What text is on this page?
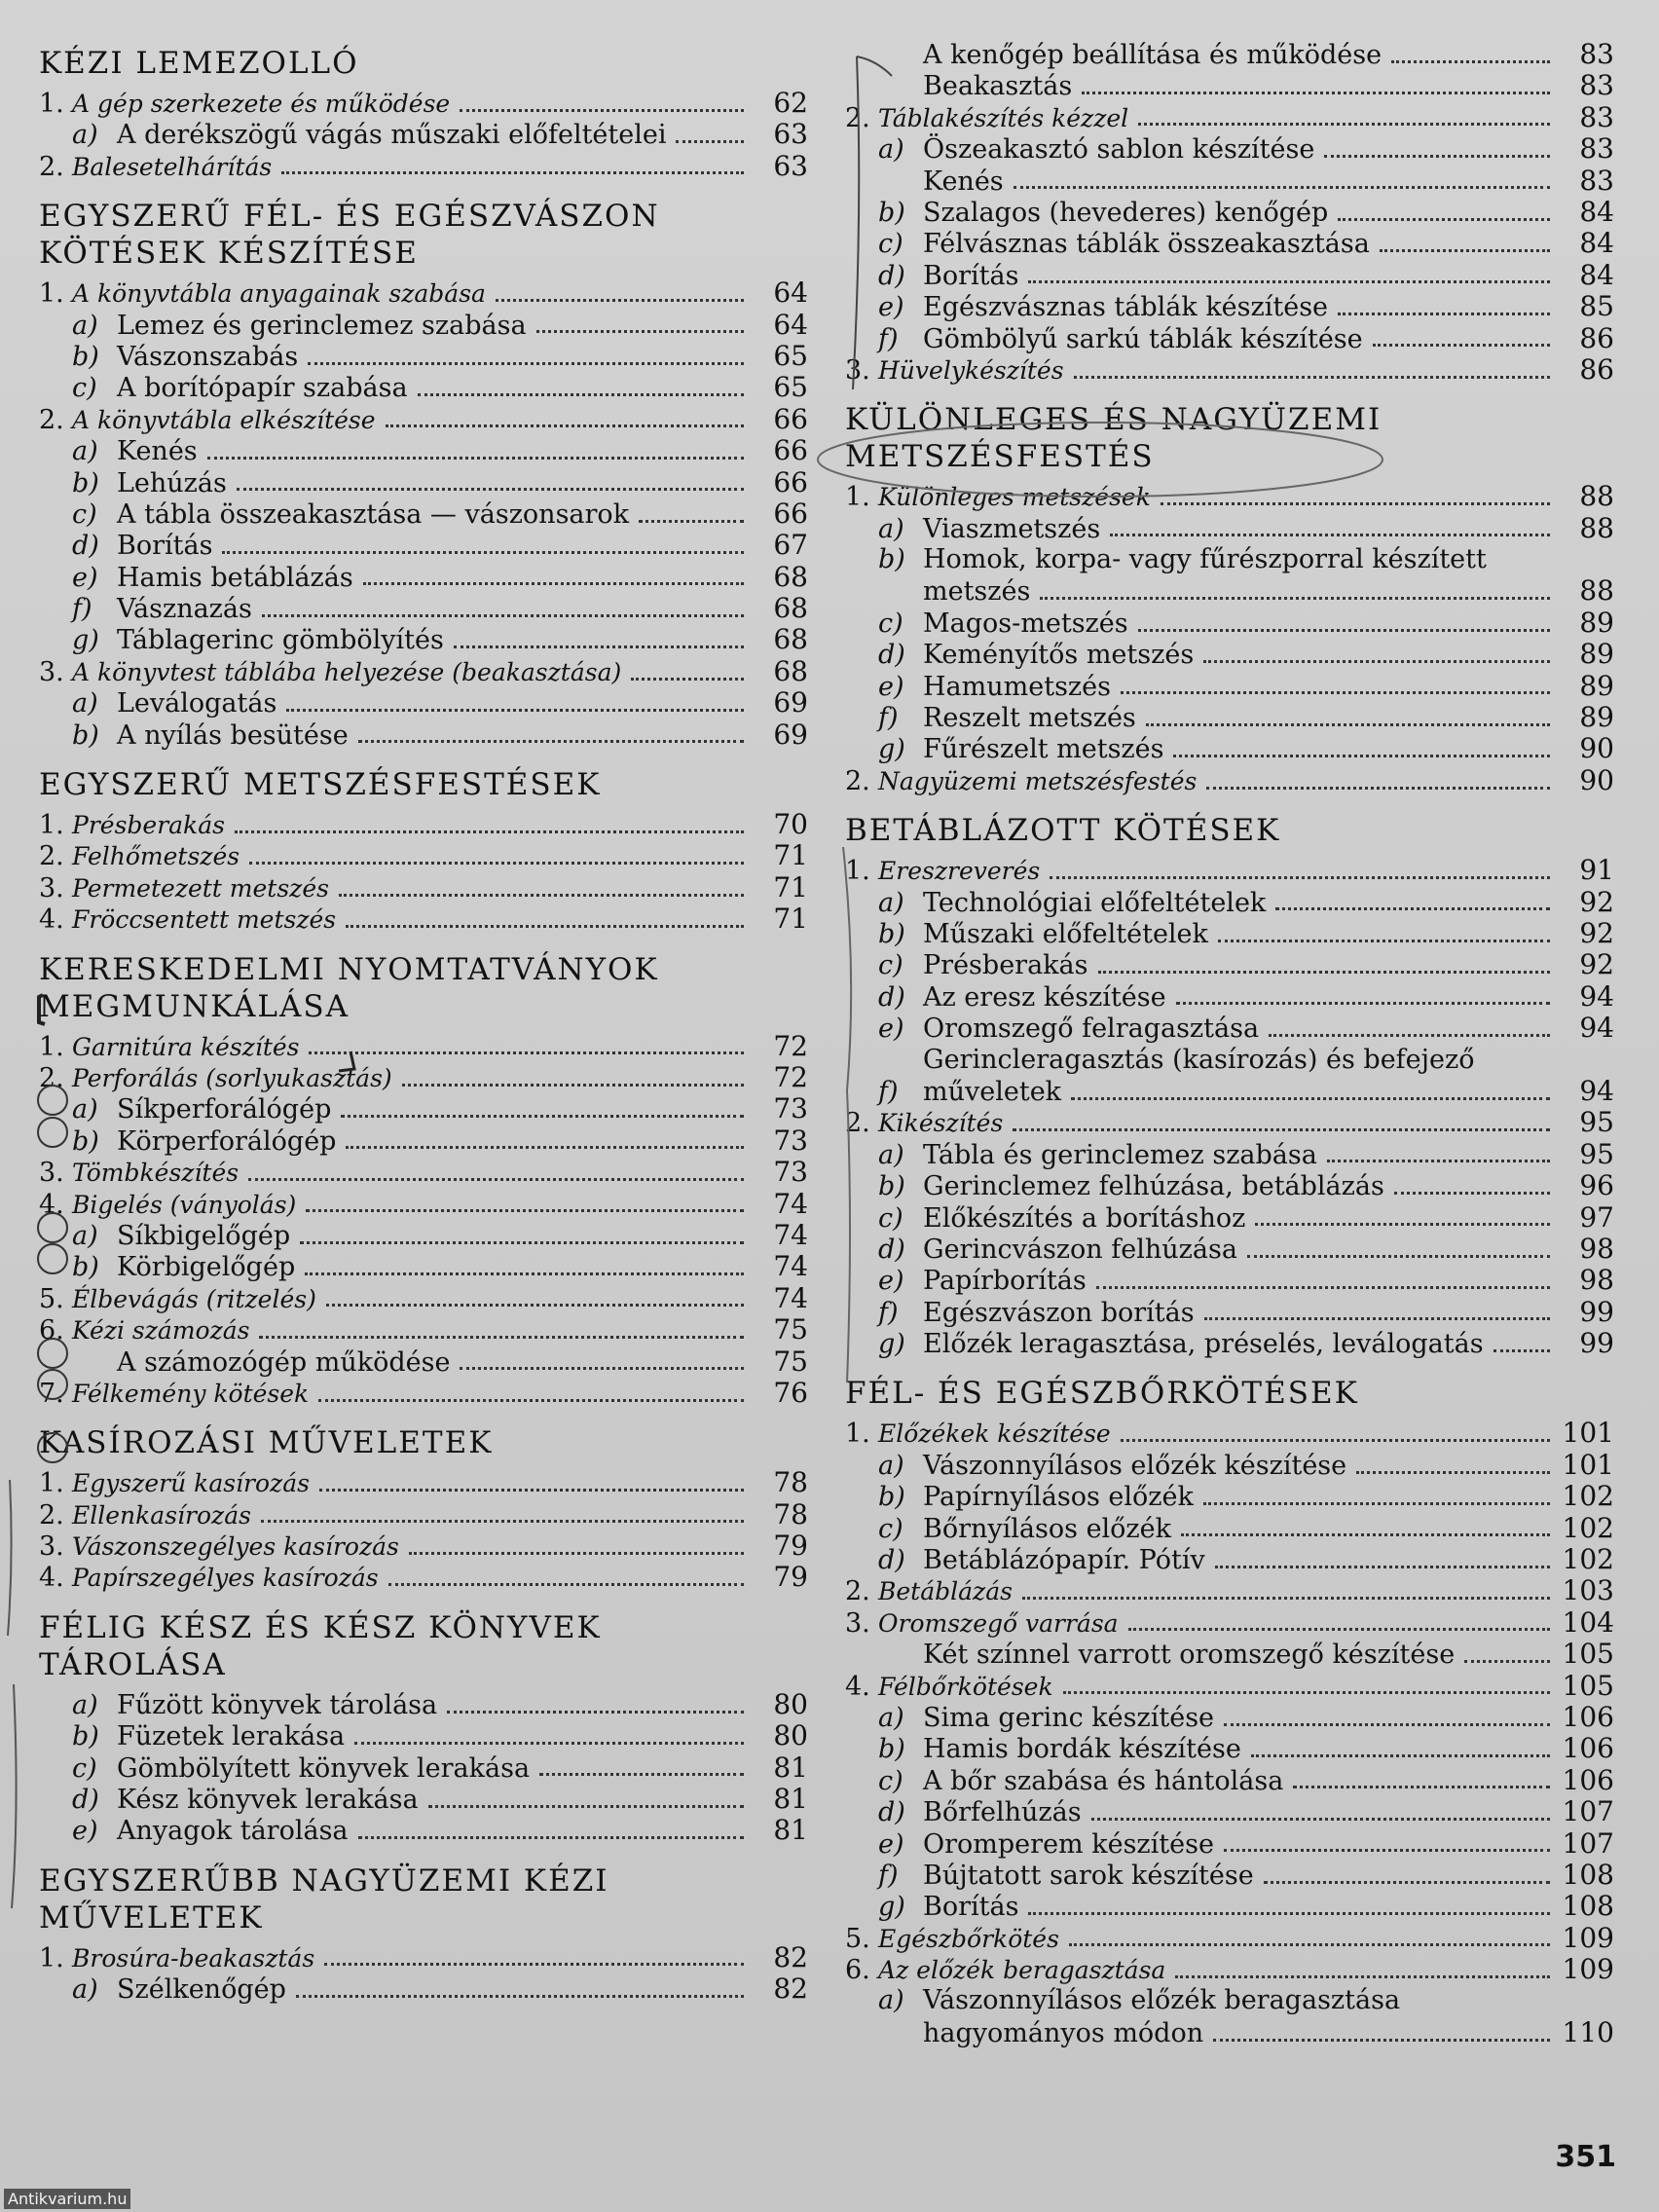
KÉZI LEMEZOLLÓ
1. A gép szerkezete és működése	62
a) A derékszögű vágás műszaki előfeltételei	63
2. Balesetelhárítás	63
EGYSZERŰ FÉL- ÉS EGÉSZVÁSZON
KÖTÉSEK KÉSZÍTÉSE
1. A könyvtábla anyagainak szabása	64
a) Lemez és gerinclemez szabása	64
b) Vászonszabás	65
c) A borítópapír szabása	65
2. A könyvtábla elkészítése	66
a) Kenés	66
b) Lehúzás	66
c) A tábla összeakasztása — vászonsarok	66
d) Borítás	67
e) Hamis betáblázás	68
f) Vásznazás	68
g) Táblagerinc gömbölyítés	68
3. A könyvtest táblába helyezése (beakasztása)	68
a) Leválogatás	69
b) A nyílás besütése	69
EGYSZERŰ METSZÉSFESTÉSEK
1. Présberakás	70
2. Felhőmetszés	71
3. Permetezett metszés	71
4. Fröccsentett metszés	71
KERESKEDELMI NYOMTATVÁNYOK
MEGMUNKÁLÁSA
1. Garnitúra készítés	72
2. Perforálás (sorlyukasztás)	72
a) Síkperforálógép	73
b) Körperforálógép	73
3. Tömbkészítés	73
4. Bigelés (ványolás)	74
a) Síkbigelőgép	74
b) Körbigelőgép	74
5. Élbevágás (ritzelés)	74
6. Kézi számozás	75
A számozógép működése	75
7. Félkemény kötések	76
KASÍROZÁSI MŰVELETEK
1. Egyszerű kasírozás	78
2. Ellenkasírozás	78
3. Vászonszegélyes kasírozás	79
4. Papírszegélyes kasírozás	79
FÉLIG KÉSZ ÉS KÉSZ KÖNYVEK
TÁROLÁSA
a) Fűzött könyvek tárolása	80
b) Füzetek lerakása	80
c) Gömbölyített könyvek lerakása	81
d) Kész könyvek lerakása	81
e) Anyagok tárolása	81
EGYSZERŰBB NAGYÜZEMI KÉZI
MŰVELETEK
1. Brosúra-beakasztás	82
a) Szélkenőgép	82
A kenőgép beállítása és működése	83
Beakasztás	83
2. Táblakészítés kézzel	83
a) Öszeakasztó sablon készítése	83
Kenés	83
b) Szalagos (hevederes) kenőgép	84
c) Félvásznas táblák összeakasztása	84
d) Borítás	84
e) Egészvásznas táblák készítése	85
f) Gömbölyű sarkú táblák készítése	86
3. Hüvelykészítés	86
KÜLÖNLEGES ÉS NAGYÜZEMI
METSZÉSFESTÉS
1. Különleges metszések	88
a) Viaszmetszés	88
b) Homok, korpa- vagy fűrészporral készített
metszés	88
c) Magos-metszés	89
d) Keményítős metszés	89
e) Hamumetszés	89
f) Reszelt metszés	89
g) Fűrészelt metszés	90
2. Nagyüzemi metszésfestés	90
BETÁBLÁZOTT KÖTÉSEK
1. Ereszreverés	91
a) Technológiai előfeltételek	92
b) Műszaki előfeltételek	92
c) Présberakás	92
d) Az eresz készítése	94
e) Oromszegő felragasztása	94
Gerincleragasztás (kasírozás) és befejező
f) műveletek	94
2. Kikészítés	95
a) Tábla és gerinclemez szabása	95
b) Gerinclemez felhúzása, betáblázás	96
c) Előkészítés a borításhoz	97
d) Gerincvászon felhúzása	98
e) Papírborítás	98
f) Egészvászon borítás	99
g) Előzék leragasztása, préselés, leválogatás	99
FÉL- ÉS EGÉSZBŐRKÖTÉSEK
1. Előzékek készítése	101
a) Vászonnyílásos előzék készítése	101
b) Papírnyílásos előzék	102
c) Bőrnyílásos előzék	102
d) Betáblázópapír. Pótív	102
2. Betáblázás	103
3. Oromszegő varrása	104
Két színnel varrott oromszegő készítése	105
4. Félbőrkötések	105
a) Sima gerinc készítése	106
b) Hamis bordák készítése	106
c) A bőr szabása és hántolása	106
d) Bőrfelhúzás	107
e) Oromperem készítése	107
f) Bújtatott sarok készítése	108
g) Borítás	108
5. Egészbőrkötés	109
6. Az előzék beragasztása	109
a) Vászonnyílásos előzék beragasztása
hagyományos módon	110
351
Antikvarium.hu
